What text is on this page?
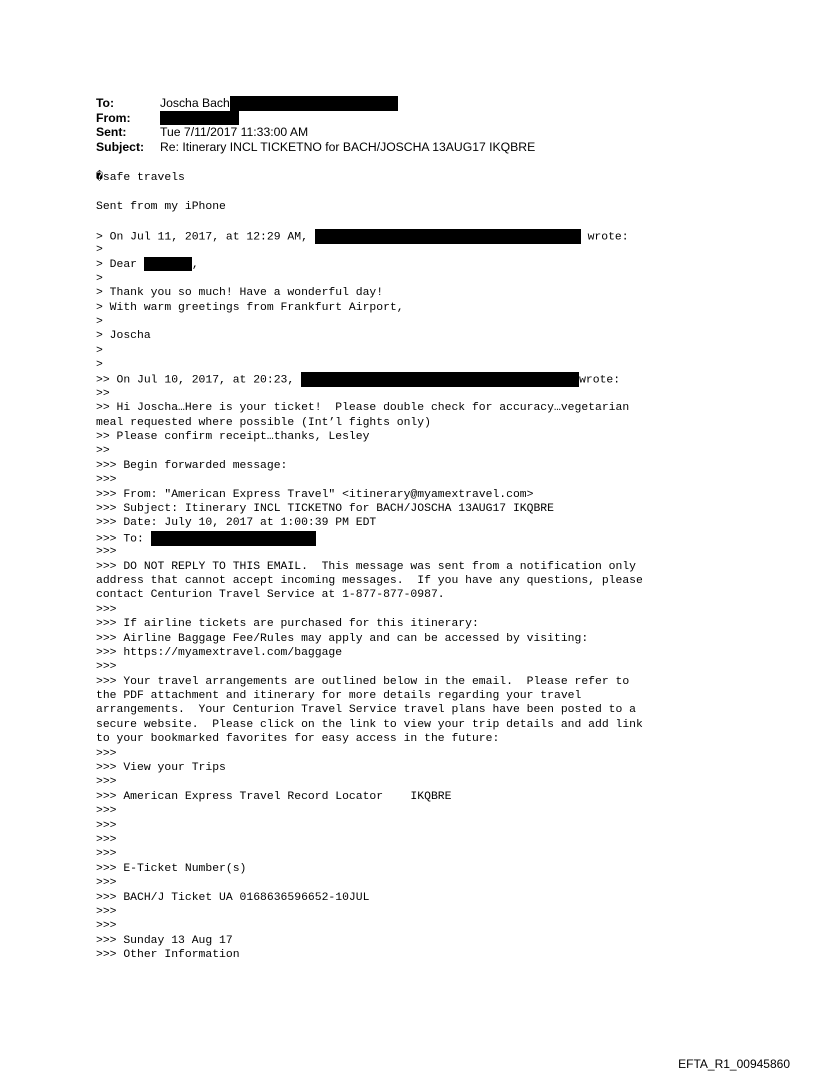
To:	Joscha Bach
From:
Sent:	Tue 7/11/2017 11:33:00 AM
Subject:	Re: Itinerary INCL TICKETNO for BACH/JOSCHA 13AUG17 IKQBRE
�safe travels
Sent from my iPhone
> On Jul 11, 2017, at 12:29 AM,	wrote:
>
> Dear	,
>
> Thank you so much! Have a wonderful day!
> With warm greetings from Frankfurt Airport,
>
> Joscha
>
>
>> On Jul 10, 2017, at 20:23,	wrote:
>>
>> Hi Joscha…Here is your ticket!  Please double check for accuracy…vegetarian
meal requested where possible (Int’l fights only)
>> Please confirm receipt…thanks, Lesley
>>
>>> Begin forwarded message:
>>>
>>> From: "American Express Travel" <itinerary@myamextravel.com>
>>> Subject: Itinerary INCL TICKETNO for BACH/JOSCHA 13AUG17 IKQBRE
>>> Date: July 10, 2017 at 1:00:39 PM EDT
>>> To:
>>>
>>> DO NOT REPLY TO THIS EMAIL.  This message was sent from a notification only
address that cannot accept incoming messages.  If you have any questions, please
contact Centurion Travel Service at 1-877-877-0987.
>>>
>>> If airline tickets are purchased for this itinerary:
>>> Airline Baggage Fee/Rules may apply and can be accessed by visiting:
>>> https://myamextravel.com/baggage
>>>
>>> Your travel arrangements are outlined below in the email.  Please refer to
the PDF attachment and itinerary for more details regarding your travel
arrangements.  Your Centurion Travel Service travel plans have been posted to a
secure website.  Please click on the link to view your trip details and add link
to your bookmarked favorites for easy access in the future:
>>>
>>> View your Trips
>>>
>>> American Express Travel Record Locator    IKQBRE
>>>
>>>
>>>
>>>
>>> E-Ticket Number(s)
>>>
>>> BACH/J Ticket UA 0168636596652-10JUL
>>>
>>>
>>> Sunday 13 Aug 17
>>> Other Information
EFTA_R1_00945860
